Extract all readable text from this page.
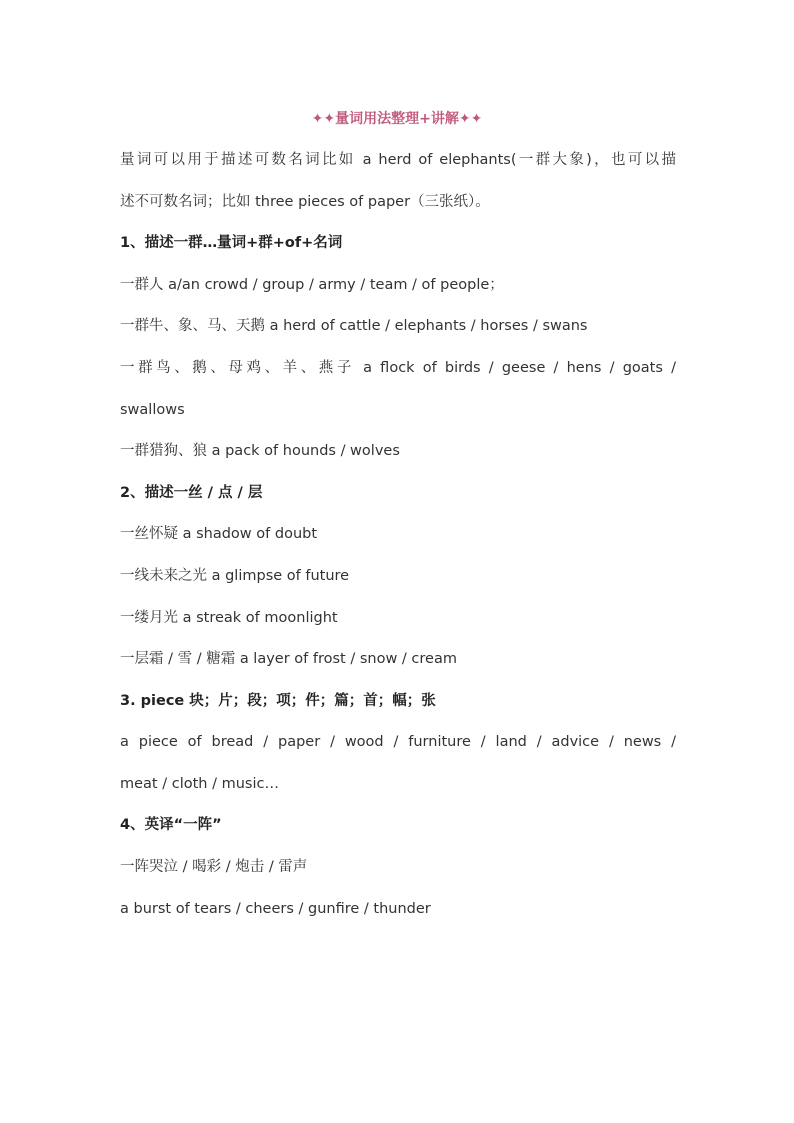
✦✦量词用法整理+讲解✦✦
量词可以用于描述可数名词比如 a herd of elephants(一群大象)，也可以描
述不可数名词；比如 three pieces of paper（三张纸）。
1、描述一群…量词+群+of+名词
一群人 a/an crowd / group / army / team / of people；
一群牛、象、马、天鹅 a herd of cattle / elephants / horses / swans
一群鸟、鹅、母鸡、羊、燕子 a flock of birds / geese / hens / goats /
swallows
一群猎狗、狼 a pack of hounds / wolves
2、描述一丝 / 点 / 层
一丝怀疑 a shadow of doubt
一线未来之光 a glimpse of future
一缕月光 a streak of moonlight
一层霜 / 雪 / 糖霜 a layer of frost / snow / cream
3. piece 块；片；段；项；件；篇；首；幅；张
a piece of bread / paper / wood / furniture / land / advice / news /
meat / cloth / music…
4、英译“一阵”
一阵哭泣 / 喝彩 / 炮击 / 雷声
a burst of tears / cheers / gunfire / thunder
